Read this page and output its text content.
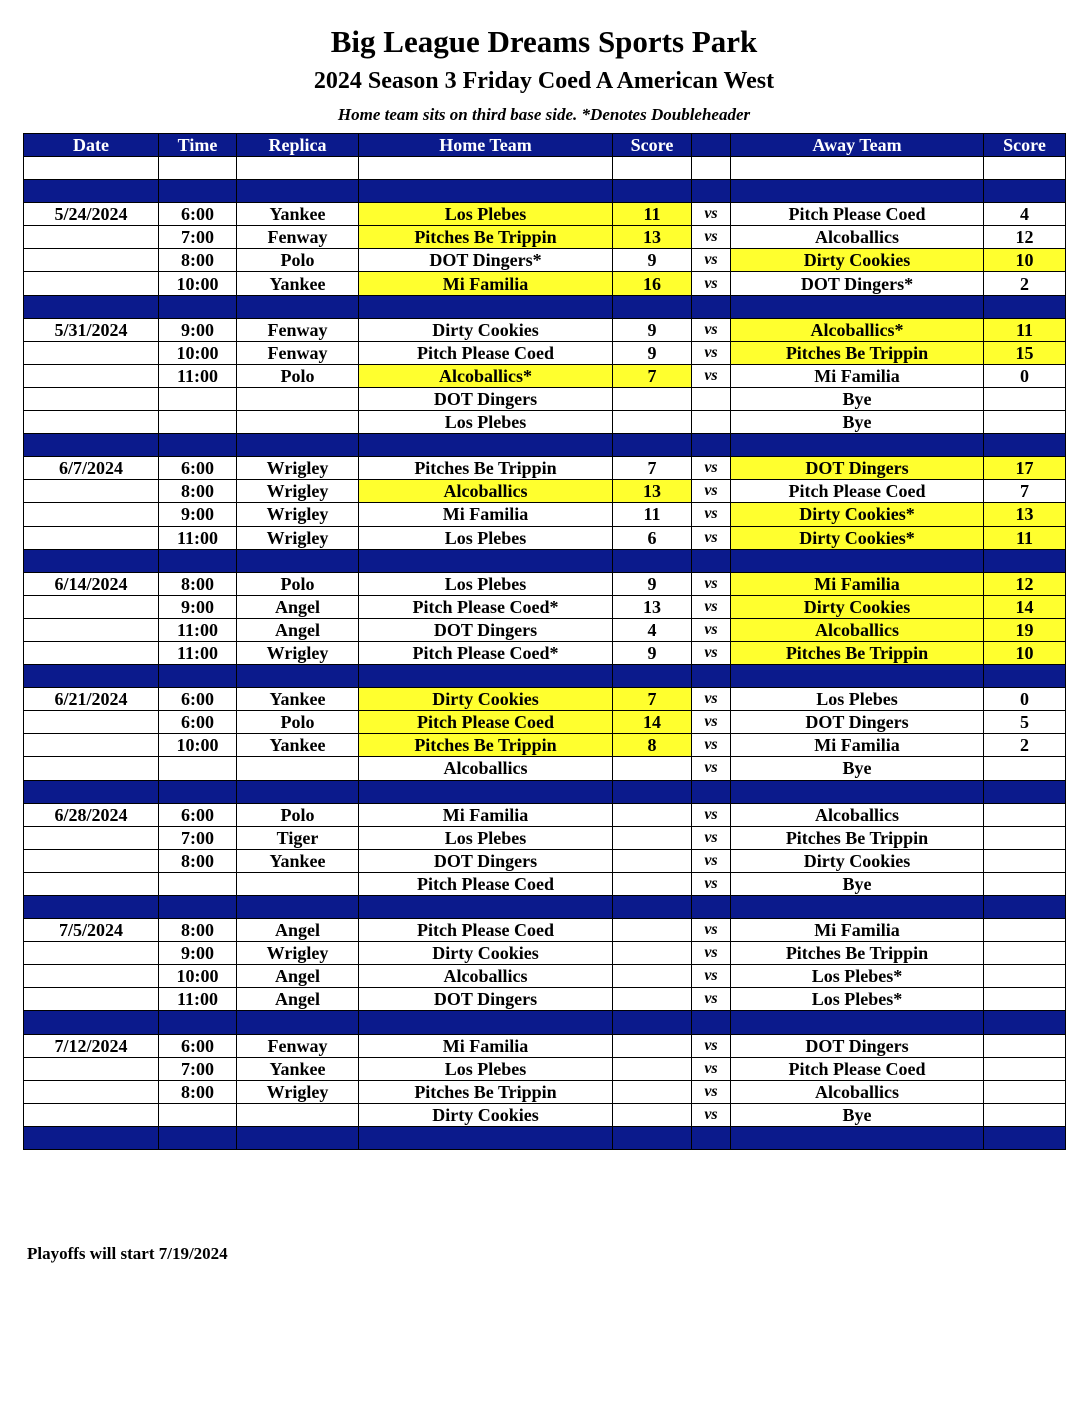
Big League Dreams Sports Park
2024 Season 3 Friday Coed A American West
Home team sits on third base side. *Denotes Doubleheader
Date	Time	Replica	Home Team	Score		Away Team	Score

5/24/2024	6:00	Yankee	Los Plebes	11	vs	Pitch Please Coed	4
	7:00	Fenway	Pitches Be Trippin	13	vs	Alcoballics	12
	8:00	Polo	DOT Dingers*	9	vs	Dirty Cookies	10
	10:00	Yankee	Mi Familia	16	vs	DOT Dingers*	2

5/31/2024	9:00	Fenway	Dirty Cookies	9	vs	Alcoballics*	11
	10:00	Fenway	Pitch Please Coed	9	vs	Pitches Be Trippin	15
	11:00	Polo	Alcoballics*	7	vs	Mi Familia	0
			DOT Dingers			Bye	
			Los Plebes			Bye	

6/7/2024	6:00	Wrigley	Pitches Be Trippin	7	vs	DOT Dingers	17
	8:00	Wrigley	Alcoballics	13	vs	Pitch Please Coed	7
	9:00	Wrigley	Mi Familia	11	vs	Dirty Cookies*	13
	11:00	Wrigley	Los Plebes	6	vs	Dirty Cookies*	11

6/14/2024	8:00	Polo	Los Plebes	9	vs	Mi Familia	12
	9:00	Angel	Pitch Please Coed*	13	vs	Dirty Cookies	14
	11:00	Angel	DOT Dingers	4	vs	Alcoballics	19
	11:00	Wrigley	Pitch Please Coed*	9	vs	Pitches Be Trippin	10

6/21/2024	6:00	Yankee	Dirty Cookies	7	vs	Los Plebes	0
	6:00	Polo	Pitch Please Coed	14	vs	DOT Dingers	5
	10:00	Yankee	Pitches Be Trippin	8	vs	Mi Familia	2
			Alcoballics		vs	Bye	

6/28/2024	6:00	Polo	Mi Familia		vs	Alcoballics	
	7:00	Tiger	Los Plebes		vs	Pitches Be Trippin	
	8:00	Yankee	DOT Dingers		vs	Dirty Cookies	
			Pitch Please Coed		vs	Bye	

7/5/2024	8:00	Angel	Pitch Please Coed		vs	Mi Familia	
	9:00	Wrigley	Dirty Cookies		vs	Pitches Be Trippin	
	10:00	Angel	Alcoballics		vs	Los Plebes*	
	11:00	Angel	DOT Dingers		vs	Los Plebes*	

7/12/2024	6:00	Fenway	Mi Familia		vs	DOT Dingers	
	7:00	Yankee	Los Plebes		vs	Pitch Please Coed	
	8:00	Wrigley	Pitches Be Trippin		vs	Alcoballics	
			Dirty Cookies		vs	Bye	

Playoffs will start 7/19/2024
